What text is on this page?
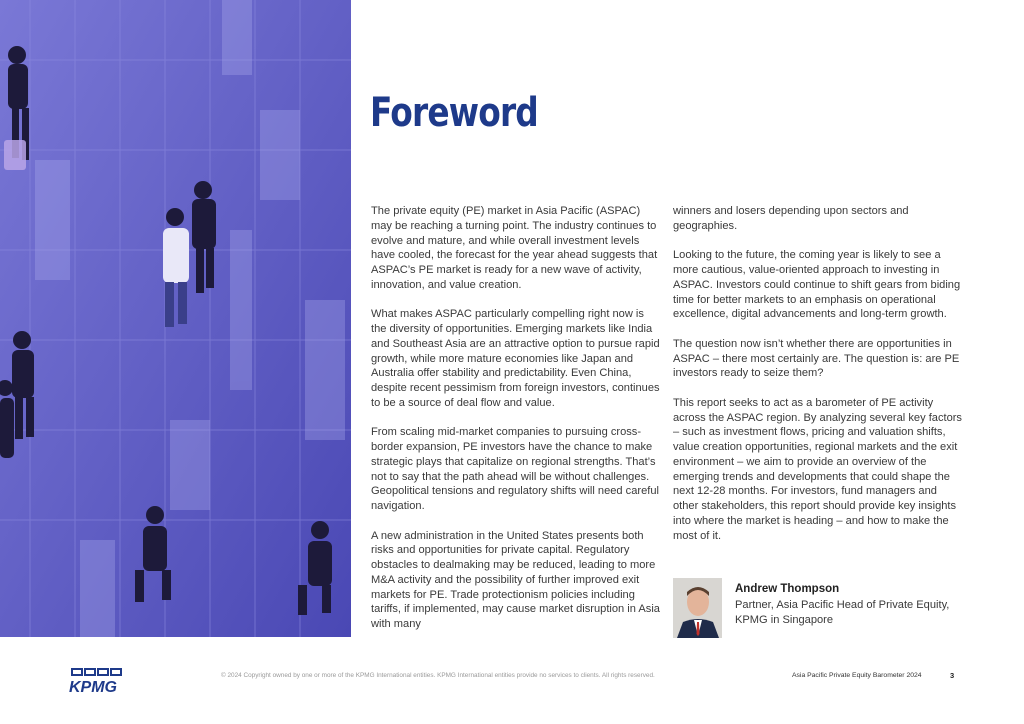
Foreword

The private equity (PE) market in Asia Pacific (ASPAC) may be reaching a turning point. The industry continues to evolve and mature, and while overall investment levels have cooled, the forecast for the year ahead suggests that ASPAC’s PE market is ready for a new wave of activity, innovation, and value creation.

What makes ASPAC particularly compelling right now is the diversity of opportunities. Emerging markets like India and Southeast Asia are an attractive option to pursue rapid growth, while more mature economies like Japan and Australia offer stability and predictability. Even China, despite recent pessimism from foreign investors, continues to be a source of deal flow and value.

From scaling mid-market companies to pursuing cross-border expansion, PE investors have the chance to make strategic plays that capitalize on regional strengths. That’s not to say that the path ahead will be without challenges. Geopolitical tensions and regulatory shifts will need careful navigation.

A new administration in the United States presents both risks and opportunities for private capital. Regulatory obstacles to dealmaking may be reduced, leading to more M&A activity and the possibility of further improved exit markets for PE. Trade protectionism policies including tariffs, if implemented, may cause market disruption in Asia with many

winners and losers depending upon sectors and geographies.

Looking to the future, the coming year is likely to see a more cautious, value-oriented approach to investing in ASPAC. Investors could continue to shift gears from biding time for better markets to an emphasis on operational excellence, digital advancements and long-term growth.

The question now isn’t whether there are opportunities in ASPAC – there most certainly are. The question is: are PE investors ready to seize them?

This report seeks to act as a barometer of PE activity across the ASPAC region. By analyzing several key factors – such as investment flows, pricing and valuation shifts, value creation opportunities, regional markets and the exit environment – we aim to provide an overview of the emerging trends and developments that could shape the next 12-28 months. For investors, fund managers and other stakeholders, this report should provide key insights into where the market is heading – and how to make the most of it.

Andrew Thompson
Partner, Asia Pacific Head of Private Equity,
KPMG in Singapore
KPMG
© 2024 Copyright owned by one or more of the KPMG International entities. KPMG International entities provide no services to clients. All rights reserved.	Asia Pacific Private Equity Barometer 2024	3
